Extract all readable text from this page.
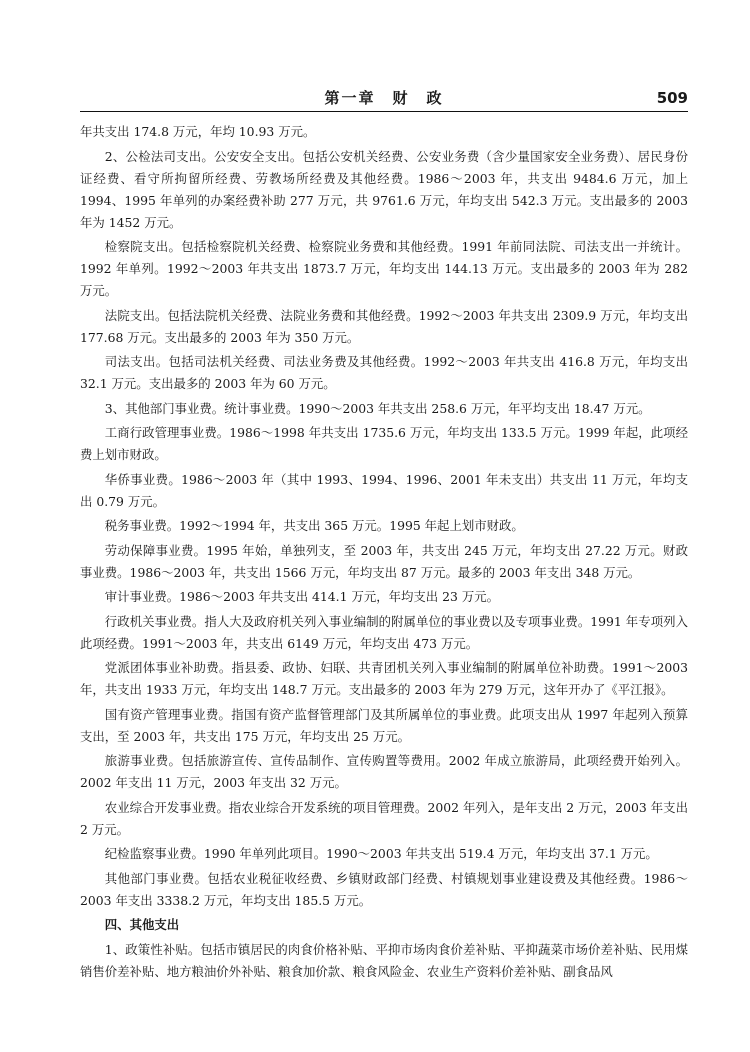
第一章　财　政	509

年共支出 174.8 万元，年均 10.93 万元。

2、公检法司支出。公安安全支出。包括公安机关经费、公安业务费（含少量国家安全业务费）、居民身份证经费、看守所拘留所经费、劳教场所经费及其他经费。1986～2003 年，共支出 9484.6 万元，加上 1994、1995 年单列的办案经费补助 277 万元，共 9761.6 万元，年均支出 542.3 万元。支出最多的 2003 年为 1452 万元。

检察院支出。包括检察院机关经费、检察院业务费和其他经费。1991 年前同法院、司法支出一并统计。1992 年单列。1992～2003 年共支出 1873.7 万元，年均支出 144.13 万元。支出最多的 2003 年为 282 万元。

法院支出。包括法院机关经费、法院业务费和其他经费。1992～2003 年共支出 2309.9 万元，年均支出 177.68 万元。支出最多的 2003 年为 350 万元。

司法支出。包括司法机关经费、司法业务费及其他经费。1992～2003 年共支出 416.8 万元，年均支出 32.1 万元。支出最多的 2003 年为 60 万元。

3、其他部门事业费。统计事业费。1990～2003 年共支出 258.6 万元，年平均支出 18.47 万元。

工商行政管理事业费。1986～1998 年共支出 1735.6 万元，年均支出 133.5 万元。1999 年起，此项经费上划市财政。

华侨事业费。1986～2003 年（其中 1993、1994、1996、2001 年未支出）共支出 11 万元，年均支出 0.79 万元。

税务事业费。1992～1994 年，共支出 365 万元。1995 年起上划市财政。

劳动保障事业费。1995 年始，单独列支，至 2003 年，共支出 245 万元，年均支出 27.22 万元。财政事业费。1986～2003 年，共支出 1566 万元，年均支出 87 万元。最多的 2003 年支出 348 万元。

审计事业费。1986～2003 年共支出 414.1 万元，年均支出 23 万元。

行政机关事业费。指人大及政府机关列入事业编制的附属单位的事业费以及专项事业费。1991 年专项列入此项经费。1991～2003 年，共支出 6149 万元，年均支出 473 万元。

党派团体事业补助费。指县委、政协、妇联、共青团机关列入事业编制的附属单位补助费。1991～2003 年，共支出 1933 万元，年均支出 148.7 万元。支出最多的 2003 年为 279 万元，这年开办了《平江报》。

国有资产管理事业费。指国有资产监督管理部门及其所属单位的事业费。此项支出从 1997 年起列入预算支出，至 2003 年，共支出 175 万元，年均支出 25 万元。

旅游事业费。包括旅游宣传、宣传品制作、宣传购置等费用。2002 年成立旅游局，此项经费开始列入。2002 年支出 11 万元，2003 年支出 32 万元。

农业综合开发事业费。指农业综合开发系统的项目管理费。2002 年列入，是年支出 2 万元，2003 年支出 2 万元。

纪检监察事业费。1990 年单列此项目。1990～2003 年共支出 519.4 万元，年均支出 37.1 万元。

其他部门事业费。包括农业税征收经费、乡镇财政部门经费、村镇规划事业建设费及其他经费。1986～2003 年支出 3338.2 万元，年均支出 185.5 万元。

四、其他支出

1、政策性补贴。包括市镇居民的肉食价格补贴、平抑市场肉食价差补贴、平抑蔬菜市场价差补贴、民用煤销售价差补贴、地方粮油价外补贴、粮食加价款、粮食风险金、农业生产资料价差补贴、副食品风
